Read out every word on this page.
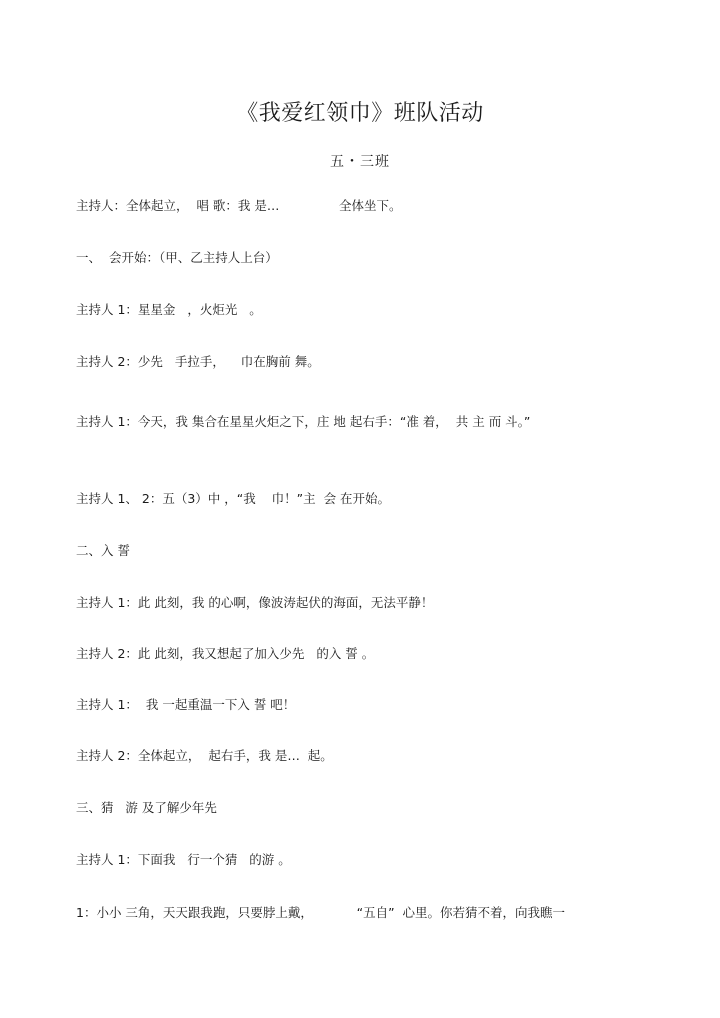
《我爱红领巾》班队活动
五・三班
主持人：全体起立，  唱 歌：我 是…               全体坐下。
一、  会开始：（甲、乙主持人上台）
主持人 1：星星金   ，火炬光   。
主持人 2：少先   手拉手，    巾在胸前 舞。
主持人 1：今天，我 集合在星星火炬之下，庄 地 起右手：“准 着，  共 主 而 斗。”
主持人 1、 2：五（3）中 ，“我    巾！”主  会 在开始。
二、入 誓
主持人 1：此 此刻，我 的心啊，像波涛起伏的海面，无法平静！
主持人 2：此 此刻，我又想起了加入少先   的入 誓 。
主持人 1：  我 一起重温一下入 誓 吧！
主持人 2：全体起立，  起右手，我 是…  起。
三、猜   游 及了解少年先
主持人 1：下面我   行一个猜   的游 。
1：小小 三角，天天跟我跑，只要脖上戴，           “五自”  心里。你若猜不着，向我瞧一
